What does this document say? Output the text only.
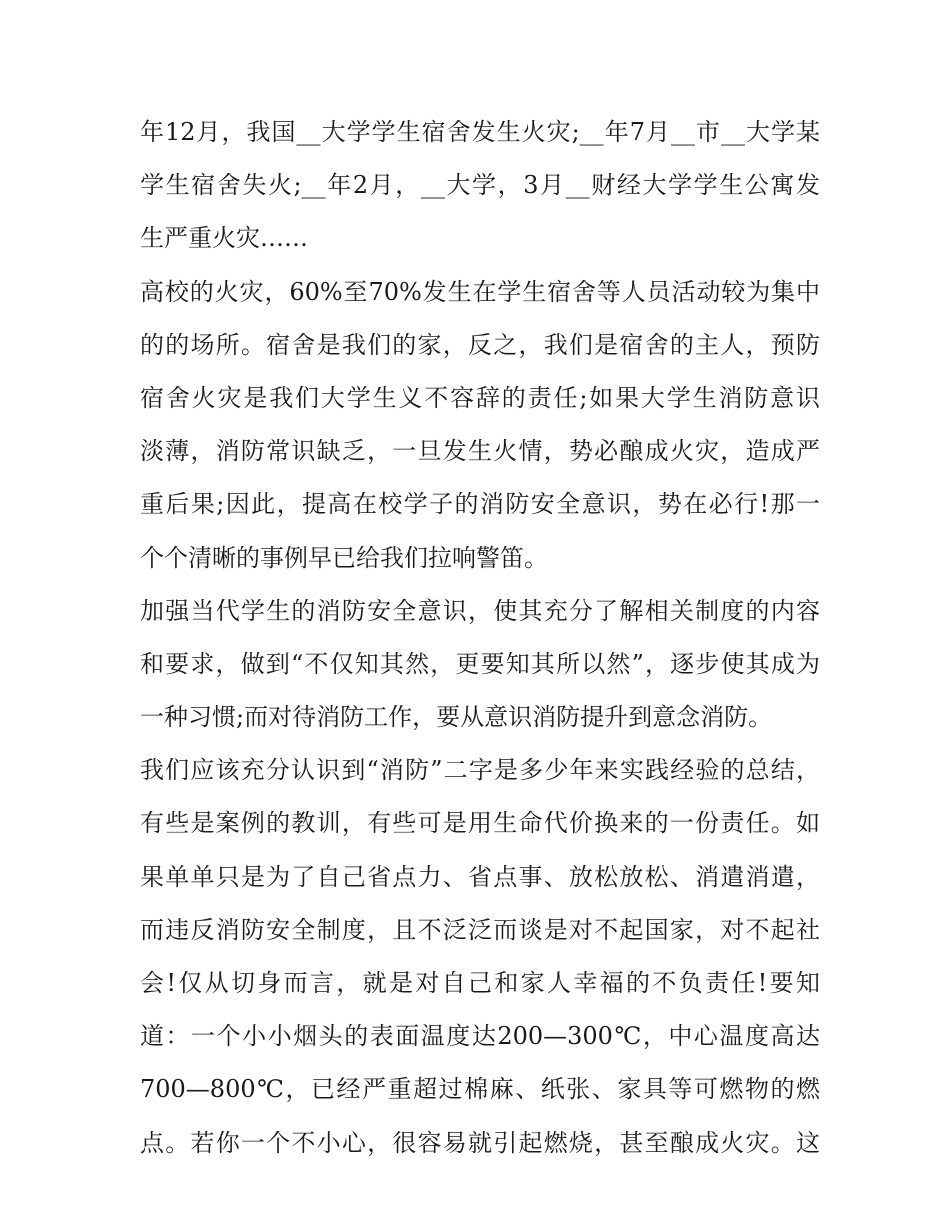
年12月，我国__大学学生宿舍发生火灾;__年7月__市__大学某
学生宿舍失火;__年2月，__大学，3月__财经大学学生公寓发
生严重火灾……
高校的火灾，60%至70%发生在学生宿舍等人员活动较为集中
的的场所。宿舍是我们的家，反之，我们是宿舍的主人，预防
宿舍火灾是我们大学生义不容辞的责任;如果大学生消防意识
淡薄，消防常识缺乏，一旦发生火情，势必酿成火灾，造成严
重后果;因此，提高在校学子的消防安全意识，势在必行!那一
个个清晰的事例早已给我们拉响警笛。
加强当代学生的消防安全意识，使其充分了解相关制度的内容
和要求，做到“不仅知其然，更要知其所以然”，逐步使其成为
一种习惯;而对待消防工作，要从意识消防提升到意念消防。
我们应该充分认识到“消防”二字是多少年来实践经验的总结，
有些是案例的教训，有些可是用生命代价换来的一份责任。如
果单单只是为了自己省点力、省点事、放松放松、消遣消遣，
而违反消防安全制度，且不泛泛而谈是对不起国家，对不起社
会!仅从切身而言，就是对自己和家人幸福的不负责任!要知
道：一个小小烟头的表面温度达200—300℃，中心温度高达
700—800℃，已经严重超过棉麻、纸张、家具等可燃物的燃
点。若你一个不小心，很容易就引起燃烧，甚至酿成火灾。这
